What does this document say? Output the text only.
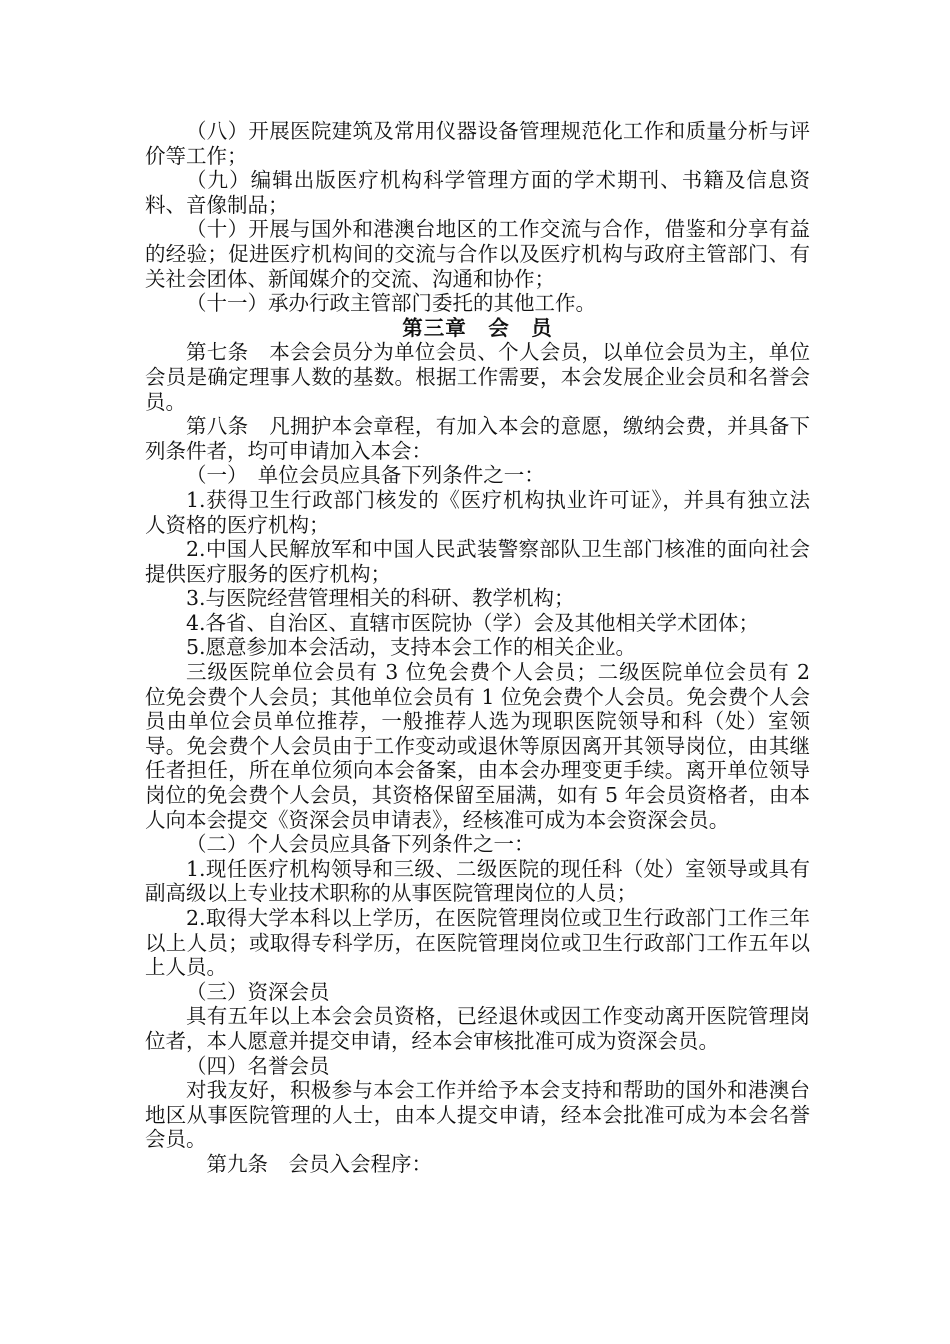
（八）开展医院建筑及常用仪器设备管理规范化工作和质量分析与评价等工作；

（九）编辑出版医疗机构科学管理方面的学术期刊、书籍及信息资料、音像制品；

（十）开展与国外和港澳台地区的工作交流与合作，借鉴和分享有益的经验；促进医疗机构间的交流与合作以及医疗机构与政府主管部门、有关社会团体、新闻媒介的交流、沟通和协作；

（十一）承办行政主管部门委托的其他工作。

第三章　会　员

第七条　本会会员分为单位会员、个人会员，以单位会员为主，单位会员是确定理事人数的基数。根据工作需要，本会发展企业会员和名誉会员。

第八条　凡拥护本会章程，有加入本会的意愿，缴纳会费，并具备下列条件者，均可申请加入本会：

（一）　单位会员应具备下列条件之一：

1.获得卫生行政部门核发的《医疗机构执业许可证》，并具有独立法人资格的医疗机构；

2.中国人民解放军和中国人民武装警察部队卫生部门核准的面向社会提供医疗服务的医疗机构；

3.与医院经营管理相关的科研、教学机构；

4.各省、自治区、直辖市医院协（学）会及其他相关学术团体；

5.愿意参加本会活动，支持本会工作的相关企业。

三级医院单位会员有 3 位免会费个人会员；二级医院单位会员有 2 位免会费个人会员；其他单位会员有 1 位免会费个人会员。免会费个人会员由单位会员单位推荐，一般推荐人选为现职医院领导和科（处）室领导。免会费个人会员由于工作变动或退休等原因离开其领导岗位，由其继任者担任，所在单位须向本会备案，由本会办理变更手续。离开单位领导岗位的免会费个人会员，其资格保留至届满，如有 5 年会员资格者，由本人向本会提交《资深会员申请表》，经核准可成为本会资深会员。

（二）个人会员应具备下列条件之一：

1.现任医疗机构领导和三级、二级医院的现任科（处）室领导或具有副高级以上专业技术职称的从事医院管理岗位的人员；

2.取得大学本科以上学历，在医院管理岗位或卫生行政部门工作三年以上人员；或取得专科学历，在医院管理岗位或卫生行政部门工作五年以上人员。

（三）资深会员

具有五年以上本会会员资格，已经退休或因工作变动离开医院管理岗位者，本人愿意并提交申请，经本会审核批准可成为资深会员。

（四）名誉会员

对我友好，积极参与本会工作并给予本会支持和帮助的国外和港澳台地区从事医院管理的人士，由本人提交申请，经本会批准可成为本会名誉会员。

第九条　会员入会程序：
